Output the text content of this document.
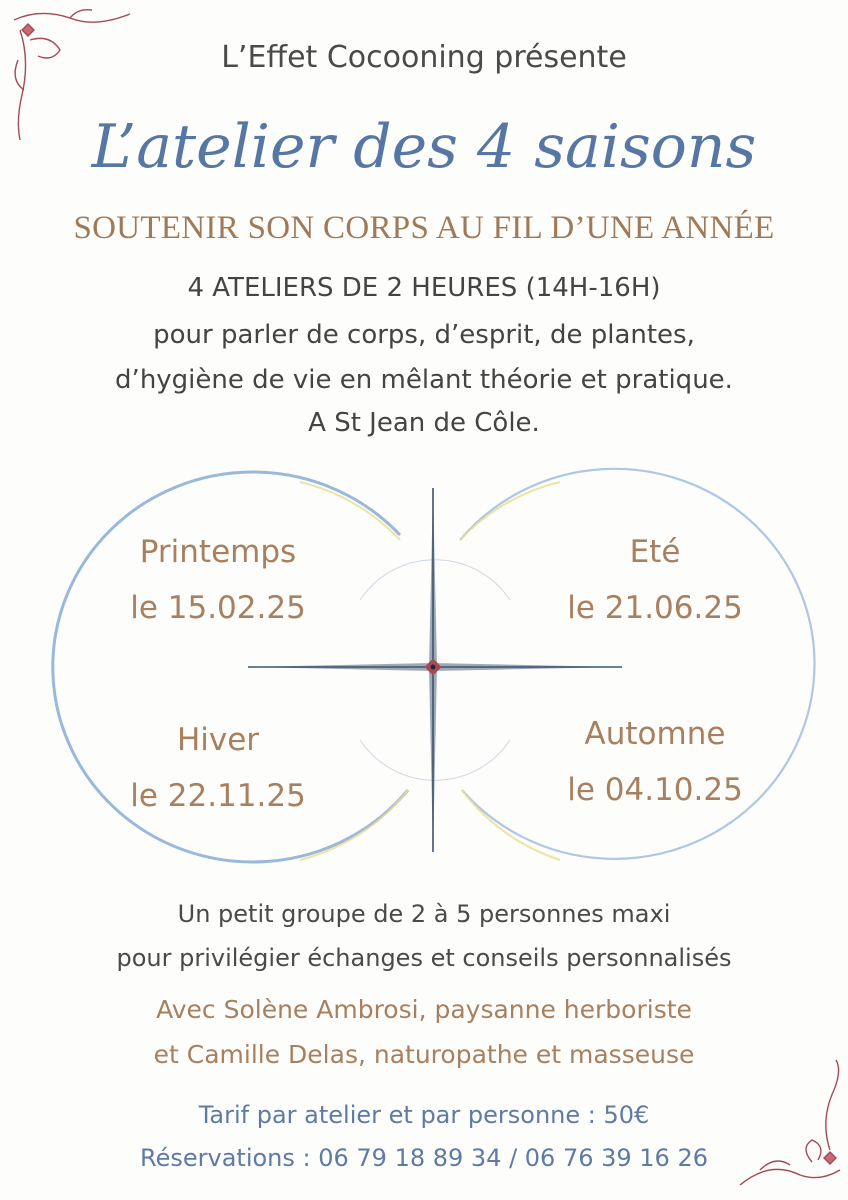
L’Effet Cocooning présente
L’atelier des 4 saisons
SOUTENIR SON CORPS AU FIL D’UNE ANNÉE
4 ATELIERS DE 2 HEURES (14H-16H)
pour parler de corps, d’esprit, de plantes,
d’hygiène de vie en mêlant théorie et pratique.
A St Jean de Côle.
Printemps
le 15.02.25
Eté
le 21.06.25
Hiver
le 22.11.25
Automne
le 04.10.25
Un petit groupe de 2 à 5 personnes maxi
pour privilégier échanges et conseils personnalisés
Avec Solène Ambrosi, paysanne herboriste
et Camille Delas, naturopathe et masseuse
Tarif par atelier et par personne : 50€
Réservations : 06 79 18 89 34 / 06 76 39 16 26
